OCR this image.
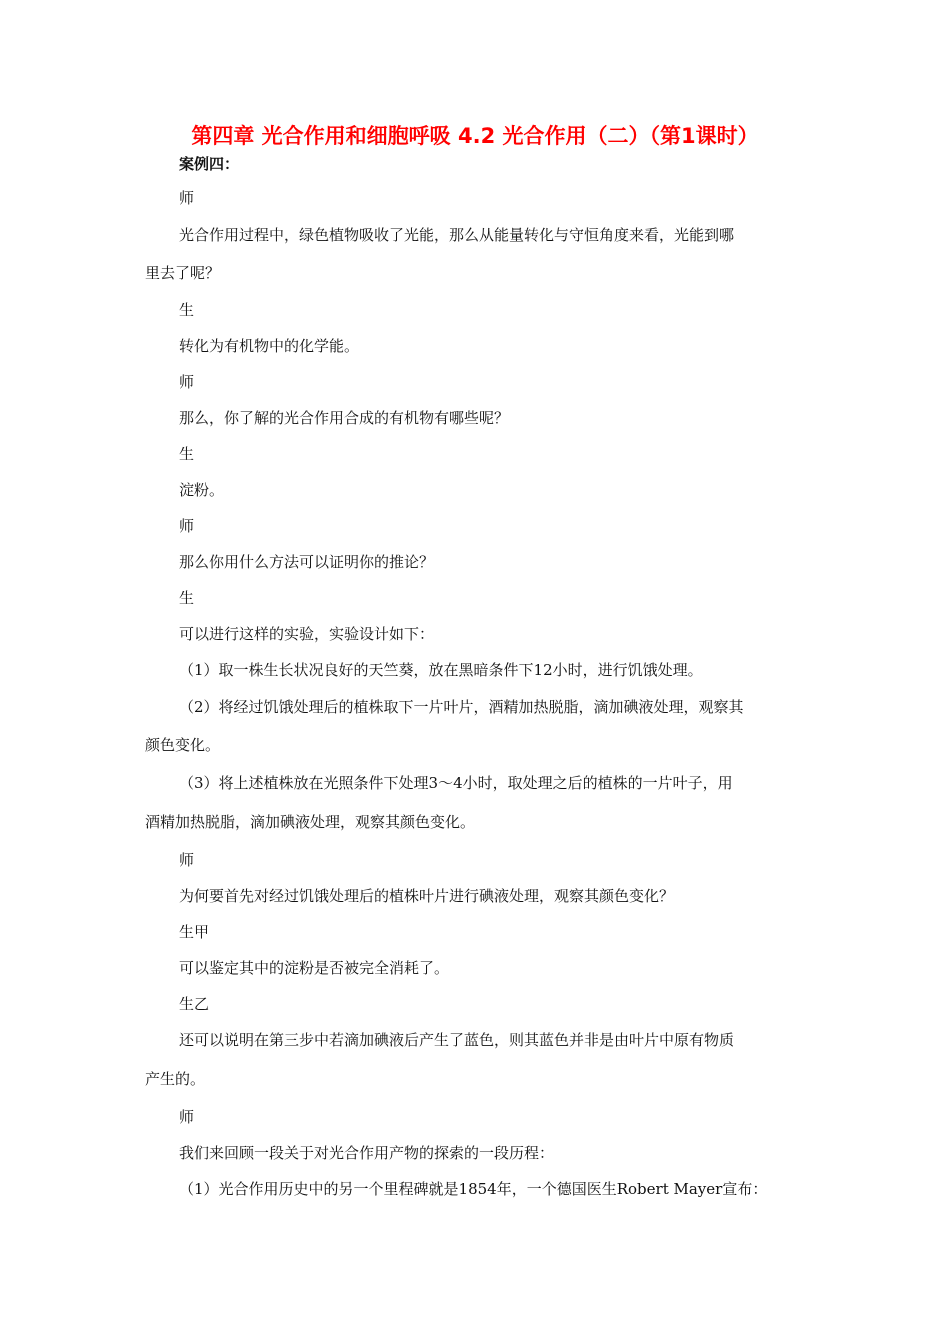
第四章 光合作用和细胞呼吸 4.2 光合作用（二）（第1课时）
案例四：
师
光合作用过程中，绿色植物吸收了光能，那么从能量转化与守恒角度来看，光能到哪
里去了呢？
生
转化为有机物中的化学能。
师
那么，你了解的光合作用合成的有机物有哪些呢？
生
淀粉。
师
那么你用什么方法可以证明你的推论？
生
可以进行这样的实验，实验设计如下：
（1）取一株生长状况良好的天竺葵，放在黑暗条件下12小时，进行饥饿处理。
（2）将经过饥饿处理后的植株取下一片叶片，酒精加热脱脂，滴加碘液处理，观察其
颜色变化。
（3）将上述植株放在光照条件下处理3～4小时，取处理之后的植株的一片叶子，用
酒精加热脱脂，滴加碘液处理，观察其颜色变化。
师
为何要首先对经过饥饿处理后的植株叶片进行碘液处理，观察其颜色变化？
生甲
可以鉴定其中的淀粉是否被完全消耗了。
生乙
还可以说明在第三步中若滴加碘液后产生了蓝色，则其蓝色并非是由叶片中原有物质
产生的。
师
我们来回顾一段关于对光合作用产物的探索的一段历程：
（1）光合作用历史中的另一个里程碑就是1854年，一个德国医生Robert Mayer宣布：
